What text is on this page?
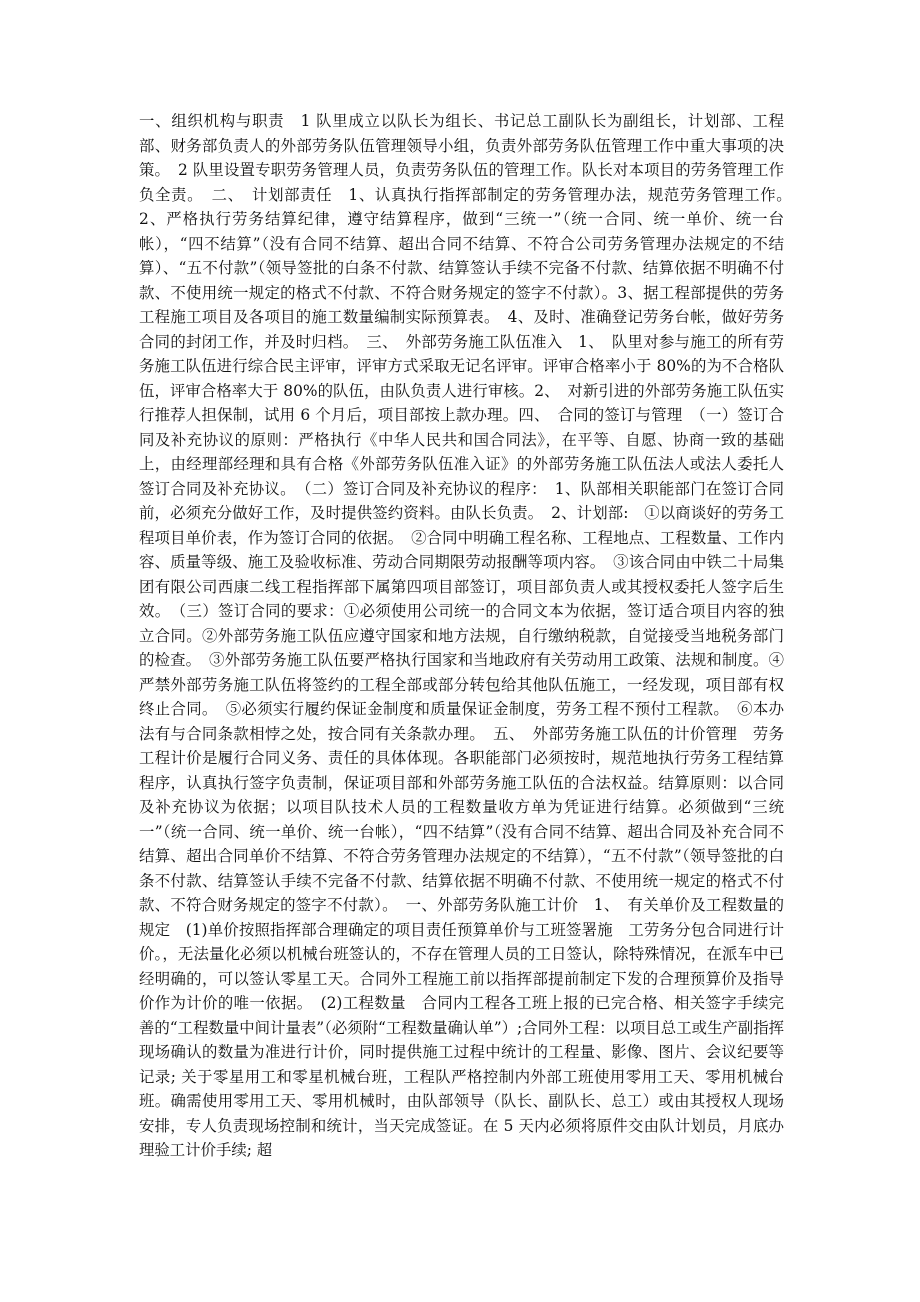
一、组织机构与职责　1 队里成立以队长为组长、书记总工副队长为副组长，计划部、工程部、财务部负责人的外部劳务队伍管理领导小组，负责外部劳务队伍管理工作中重大事项的决策。　2 队里设置专职劳务管理人员，负责劳务队伍的管理工作。队长对本项目的劳务管理工作负全责。　二、　计划部责任　1、认真执行指挥部制定的劳务管理办法，规范劳务管理工作。　2、严格执行劳务结算纪律，遵守结算程序，做到“三统一”（统一合同、统一单价、统一台帐），“四不结算”（没有合同不结算、超出合同不结算、不符合公司劳务管理办法规定的不结算）、“五不付款”（领导签批的白条不付款、结算签认手续不完备不付款、结算依据不明确不付款、不使用统一规定的格式不付款、不符合财务规定的签字不付款）。3、据工程部提供的劳务工程施工项目及各项目的施工数量编制实际预算表。　4、及时、准确登记劳务台帐，做好劳务合同的封闭工作，并及时归档。　三、　外部劳务施工队伍准入　1、　队里对参与施工的所有劳务施工队伍进行综合民主评审，评审方式采取无记名评审。评审合格率小于 80%的为不合格队伍，评审合格率大于 80%的队伍，由队负责人进行审核。2、　对新引进的外部劳务施工队伍实行推荐人担保制，试用 6 个月后，项目部按上款办理。四、　合同的签订与管理　（一）签订合同及补充协议的原则：严格执行《中华人民共和国合同法》，在平等、自愿、协商一致的基础上，由经理部经理和具有合格《外部劳务队伍准入证》的外部劳务施工队伍法人或法人委托人签订合同及补充协议。　（二）签订合同及补充协议的程序：　1、队部相关职能部门在签订合同前，必须充分做好工作，及时提供签约资料。由队长负责。　2、计划部:　①以商谈好的劳务工程项目单价表，作为签订合同的依据。　②合同中明确工程名称、工程地点、工程数量、工作内容、质量等级、施工及验收标准、劳动合同期限劳动报酬等项内容。　③该合同由中铁二十局集团有限公司西康二线工程指挥部下属第四项目部签订，项目部负责人或其授权委托人签字后生效。　（三）签订合同的要求：①必须使用公司统一的合同文本为依据，签订适合项目内容的独立合同。②外部劳务施工队伍应遵守国家和地方法规，自行缴纳税款，自觉接受当地税务部门的检查。　③外部劳务施工队伍要严格执行国家和当地政府有关劳动用工政策、法规和制度。④严禁外部劳务施工队伍将签约的工程全部或部分转包给其他队伍施工，一经发现，项目部有权终止合同。　⑤必须实行履约保证金制度和质量保证金制度，劳务工程不预付工程款。　⑥本办法有与合同条款相悖之处，按合同有关条款办理。　五、　外部劳务施工队伍的计价管理　劳务工程计价是履行合同义务、责任的具体体现。各职能部门必须按时，规范地执行劳务工程结算程序，认真执行签字负责制，保证项目部和外部劳务施工队伍的合法权益。结算原则：以合同及补充协议为依据；以项目队技术人员的工程数量收方单为凭证进行结算。必须做到“三统一”（统一合同、统一单价、统一台帐），“四不结算”（没有合同不结算、超出合同及补充合同不结算、超出合同单价不结算、不符合劳务管理办法规定的不结算），“五不付款”（领导签批的白条不付款、结算签认手续不完备不付款、结算依据不明确不付款、不使用统一规定的格式不付款、不符合财务规定的签字不付款）。　一、外部劳务队施工计价　1、　有关单价及工程数量的规定　(1)单价按照指挥部合理确定的项目责任预算单价与工班签署施　工劳务分包合同进行计价。，无法量化必须以机械台班签认的，不存在管理人员的工日签认，除特殊情况，在派车中已经明确的，可以签认零星工天。合同外工程施工前以指挥部提前制定下发的合理预算价及指导价作为计价的唯一依据。　(2)工程数量　合同内工程各工班上报的已完合格、相关签字手续完善的“工程数量中间计量表”（必须附“工程数量确认单”）;合同外工程：以项目总工或生产副指挥现场确认的数量为准进行计价，同时提供施工过程中统计的工程量、影像、图片、会议纪要等记录; 关于零星用工和零星机械台班，工程队严格控制内外部工班使用零用工天、零用机械台班。确需使用零用工天、零用机械时，由队部领导（队长、副队长、总工）或由其授权人现场安排，专人负责现场控制和统计，当天完成签证。在 5 天内必须将原件交由队计划员，月底办理验工计价手续; 超
